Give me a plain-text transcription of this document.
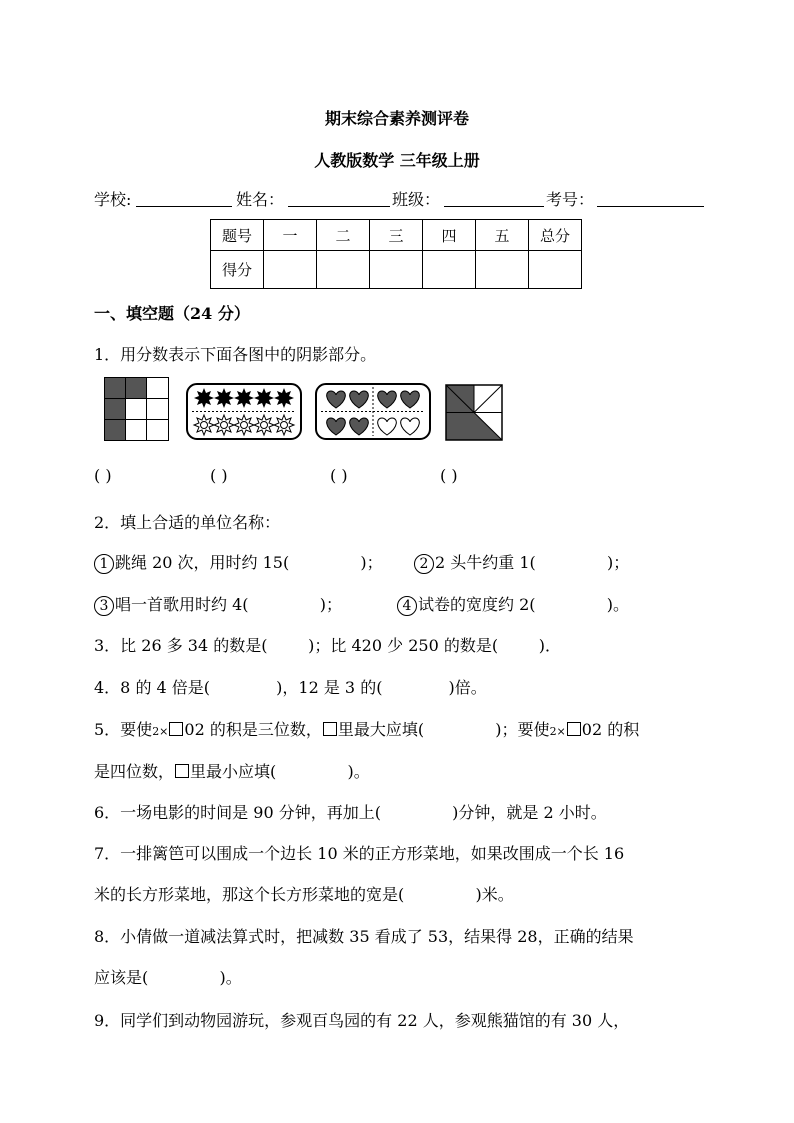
期末综合素养测评卷
人教版数学 三年级上册
学校:	姓名：	班级：	考号：
题号	一	二	三	四	五	总分
得分						
一、填空题（24 分）
1．用分数表示下面各图中的阴影部分。
( )	( )	( )	( )
2．填上合适的单位名称：
1 跳绳 20 次，用时约 15(              )；	2 2 头牛约重 1(              )；
3 唱一首歌用时约 4(              )；	4 试卷的宽度约 2(              )。
3．比 26 多 34 的数是(        )；比 420 少 250 的数是(        )．
4．8 的 4 倍是(             )，12 是 3 的(             )倍。
5．要使2× 02 的积是三位数， 里最大应填(              )；要使2× 02 的积
是四位数， 里最小应填(              )。
6．一场电影的时间是 90 分钟，再加上(              )分钟，就是 2 小时。
7．一排篱笆可以围成一个边长 10 米的正方形菜地，如果改围成一个长 16
米的长方形菜地，那这个长方形菜地的宽是(              )米。
8．小倩做一道减法算式时，把减数 35 看成了 53，结果得 28，正确的结果
应该是(              )。
9．同学们到动物园游玩，参观百鸟园的有 22 人，参观熊猫馆的有 30 人，
